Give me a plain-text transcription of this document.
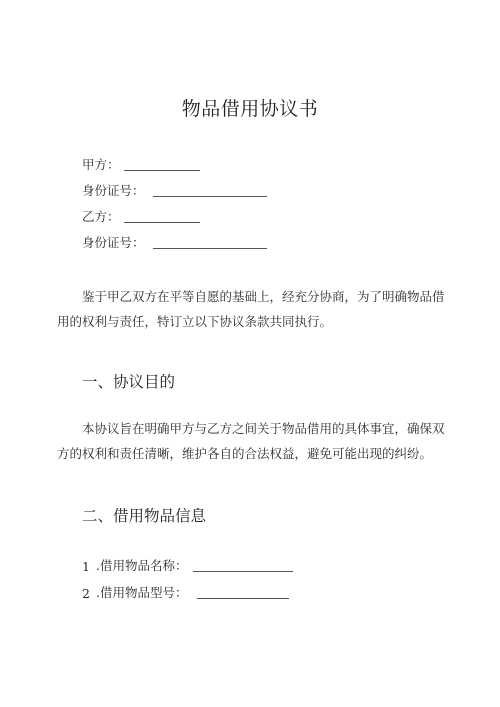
物品借用协议书
甲方：
身份证号：
乙方：
身份证号：
鉴于甲乙双方在平等自愿的基础上，经充分协商，为了明确物品借
用的权利与责任，特订立以下协议条款共同执行。
一、协议目的
本协议旨在明确甲方与乙方之间关于物品借用的具体事宜，确保双
方的权利和责任清晰，维护各自的合法权益，避免可能出现的纠纷。
二、借用物品信息
1 .借用物品名称：
2 .借用物品型号：
